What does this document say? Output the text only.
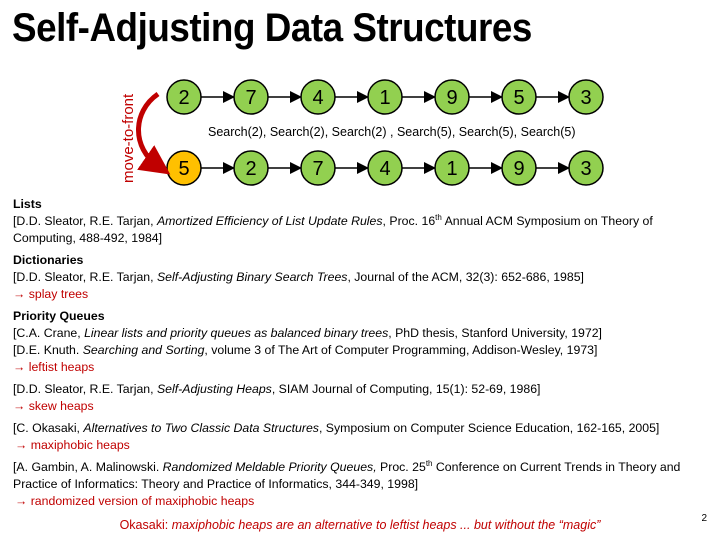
Self-Adjusting Data Structures
2	7	4	1	9	5	3
5	2	7	4	1	9	3
move-to-front	Search(2), Search(2), Search(2) , Search(5), Search(5), Search(5)

Lists

[D.D. Sleator, R.E. Tarjan, Amortized Efficiency of List Update Rules, Proc. 16th Annual ACM Symposium on Theory of Computing, 488-492, 1984]

Dictionaries

[D.D. Sleator, R.E. Tarjan, Self-Adjusting Binary Search Trees, Journal of the ACM, 32(3): 652-686, 1985]

→ splay trees

Priority Queues

[C.A. Crane, Linear lists and priority queues as balanced binary trees, PhD thesis, Stanford University, 1972]

[D.E. Knuth. Searching and Sorting, volume 3 of The Art of Computer Programming, Addison-Wesley, 1973]

→ leftist heaps

[D.D. Sleator, R.E. Tarjan, Self-Adjusting Heaps, SIAM Journal of Computing, 15(1): 52-69, 1986]

→ skew heaps

[C. Okasaki, Alternatives to Two Classic Data Structures, Symposium on Computer Science Education, 162-165, 2005]

→ maxiphobic heaps

[A. Gambin, A. Malinowski. Randomized Meldable Priority Queues, Proc. 25th Conference on Current Trends in Theory and Practice of Informatics: Theory and Practice of Informatics, 344-349, 1998]

→ randomized version of maxiphobic heaps

Okasaki: maxiphobic heaps are an alternative to leftist heaps ... but without the “magic”	2
